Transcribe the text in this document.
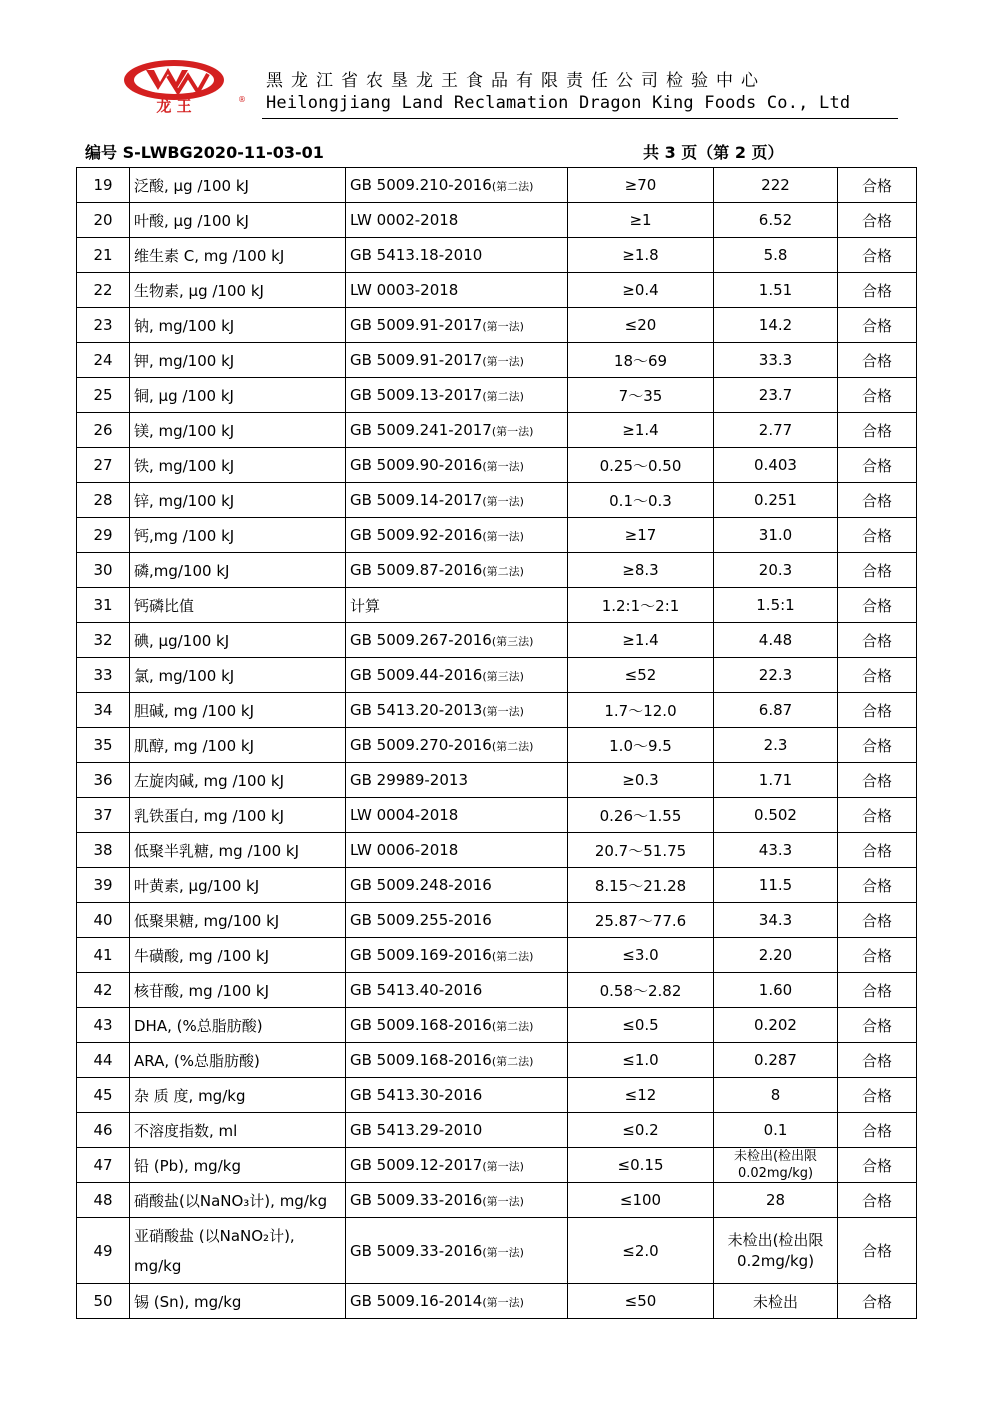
龙 王	®
黑龙江省农垦龙王食品有限责任公司检验中心
Heilongjiang Land Reclamation Dragon King Foods Co., Ltd
编号 S-LWBG2020-11-03-01	共 3 页（第 2 页）
19	泛酸, μg /100 kJ	GB 5009.210-2016(第二法)	≥70	222	合格
20	叶酸, μg /100 kJ	LW 0002-2018	≥1	6.52	合格
21	维生素 C, mg /100 kJ	GB 5413.18-2010	≥1.8	5.8	合格
22	生物素, μg /100 kJ	LW 0003-2018	≥0.4	1.51	合格
23	钠, mg/100 kJ	GB 5009.91-2017(第一法)	≤20	14.2	合格
24	钾, mg/100 kJ	GB 5009.91-2017(第一法)	18～69	33.3	合格
25	铜, μg /100 kJ	GB 5009.13-2017(第二法)	7～35	23.7	合格
26	镁, mg/100 kJ	GB 5009.241-2017(第一法)	≥1.4	2.77	合格
27	铁, mg/100 kJ	GB 5009.90-2016(第一法)	0.25～0.50	0.403	合格
28	锌, mg/100 kJ	GB 5009.14-2017(第一法)	0.1～0.3	0.251	合格
29	钙,mg /100 kJ	GB 5009.92-2016(第一法)	≥17	31.0	合格
30	磷,mg/100 kJ	GB 5009.87-2016(第二法)	≥8.3	20.3	合格
31	钙磷比值	计算	1.2:1～2:1	1.5:1	合格
32	碘, μg/100 kJ	GB 5009.267-2016(第三法)	≥1.4	4.48	合格
33	氯, mg/100 kJ	GB 5009.44-2016(第三法)	≤52	22.3	合格
34	胆碱, mg /100 kJ	GB 5413.20-2013(第一法)	1.7～12.0	6.87	合格
35	肌醇, mg /100 kJ	GB 5009.270-2016(第二法)	1.0～9.5	2.3	合格
36	左旋肉碱, mg /100 kJ	GB 29989-2013	≥0.3	1.71	合格
37	乳铁蛋白, mg /100 kJ	LW 0004-2018	0.26～1.55	0.502	合格
38	低聚半乳糖, mg /100 kJ	LW 0006-2018	20.7～51.75	43.3	合格
39	叶黄素, μg/100 kJ	GB 5009.248-2016	8.15～21.28	11.5	合格
40	低聚果糖, mg/100 kJ	GB 5009.255-2016	25.87～77.6	34.3	合格
41	牛磺酸, mg /100 kJ	GB 5009.169-2016(第二法)	≤3.0	2.20	合格
42	核苷酸, mg /100 kJ	GB 5413.40-2016	0.58～2.82	1.60	合格
43	DHA, (%总脂肪酸)	GB 5009.168-2016(第二法)	≤0.5	0.202	合格
44	ARA, (%总脂肪酸)	GB 5009.168-2016(第二法)	≤1.0	0.287	合格
45	杂 质 度, mg/kg	GB 5413.30-2016	≤12	8	合格
46	不溶度指数, ml	GB 5413.29-2010	≤0.2	0.1	合格
47	铅 (Pb), mg/kg	GB 5009.12-2017(第一法)	≤0.15	未检出(检出限0.02mg/kg)	合格
48	硝酸盐(以NaNO₃计), mg/kg	GB 5009.33-2016(第一法)	≤100	28	合格
49	亚硝酸盐 (以NaNO₂计), mg/kg	GB 5009.33-2016(第一法)	≤2.0	未检出(检出限0.2mg/kg)	合格
50	锡 (Sn), mg/kg	GB 5009.16-2014(第一法)	≤50	未检出	合格
